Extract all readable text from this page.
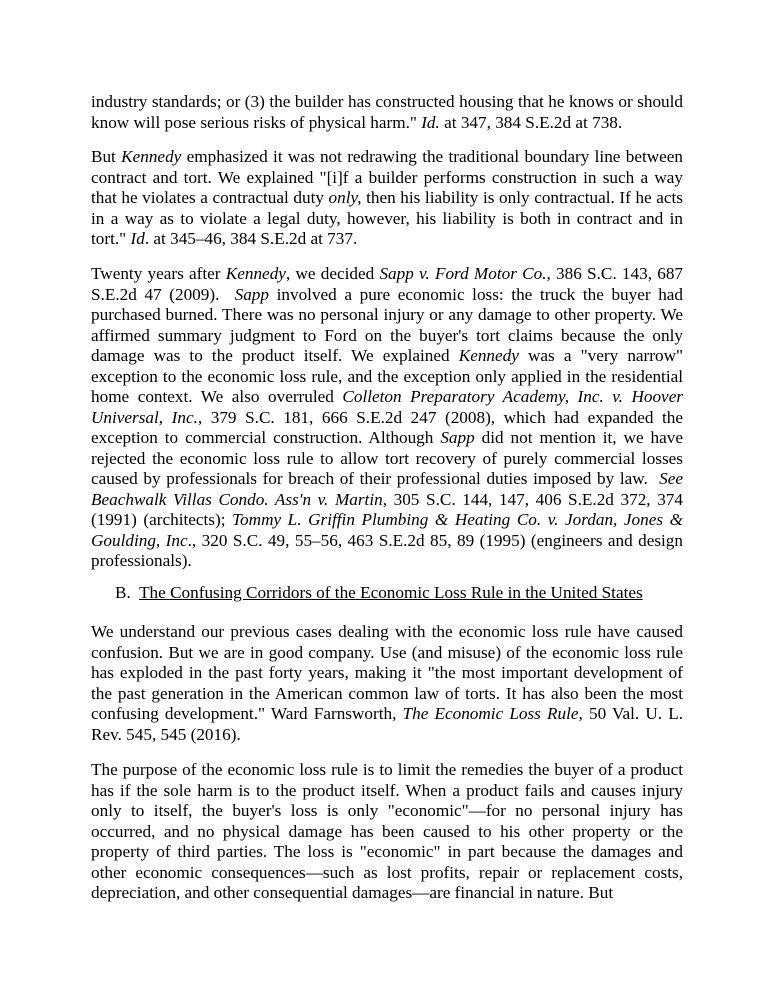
industry standards; or (3) the builder has constructed housing that he knows or should know will pose serious risks of physical harm." Id. at 347, 384 S.E.2d at 738.

But Kennedy emphasized it was not redrawing the traditional boundary line between contract and tort. We explained "[i]f a builder performs construction in such a way that he violates a contractual duty only, then his liability is only contractual. If he acts in a way as to violate a legal duty, however, his liability is both in contract and in tort." Id. at 345–46, 384 S.E.2d at 737.

Twenty years after Kennedy, we decided Sapp v. Ford Motor Co., 386 S.C. 143, 687 S.E.2d 47 (2009). Sapp involved a pure economic loss: the truck the buyer had purchased burned. There was no personal injury or any damage to other property. We affirmed summary judgment to Ford on the buyer's tort claims because the only damage was to the product itself. We explained Kennedy was a "very narrow" exception to the economic loss rule, and the exception only applied in the residential home context. We also overruled Colleton Preparatory Academy, Inc. v. Hoover Universal, Inc., 379 S.C. 181, 666 S.E.2d 247 (2008), which had expanded the exception to commercial construction. Although Sapp did not mention it, we have rejected the economic loss rule to allow tort recovery of purely commercial losses caused by professionals for breach of their professional duties imposed by law. See Beachwalk Villas Condo. Ass'n v. Martin, 305 S.C. 144, 147, 406 S.E.2d 372, 374 (1991) (architects); Tommy L. Griffin Plumbing & Heating Co. v. Jordan, Jones & Goulding, Inc., 320 S.C. 49, 55–56, 463 S.E.2d 85, 89 (1995) (engineers and design professionals).

B. The Confusing Corridors of the Economic Loss Rule in the United States

We understand our previous cases dealing with the economic loss rule have caused confusion. But we are in good company. Use (and misuse) of the economic loss rule has exploded in the past forty years, making it "the most important development of the past generation in the American common law of torts. It has also been the most confusing development." Ward Farnsworth, The Economic Loss Rule, 50 Val. U. L. Rev. 545, 545 (2016).

The purpose of the economic loss rule is to limit the remedies the buyer of a product has if the sole harm is to the product itself. When a product fails and causes injury only to itself, the buyer's loss is only "economic"—for no personal injury has occurred, and no physical damage has been caused to his other property or the property of third parties. The loss is "economic" in part because the damages and other economic consequences—such as lost profits, repair or replacement costs, depreciation, and other consequential damages—are financial in nature. But
